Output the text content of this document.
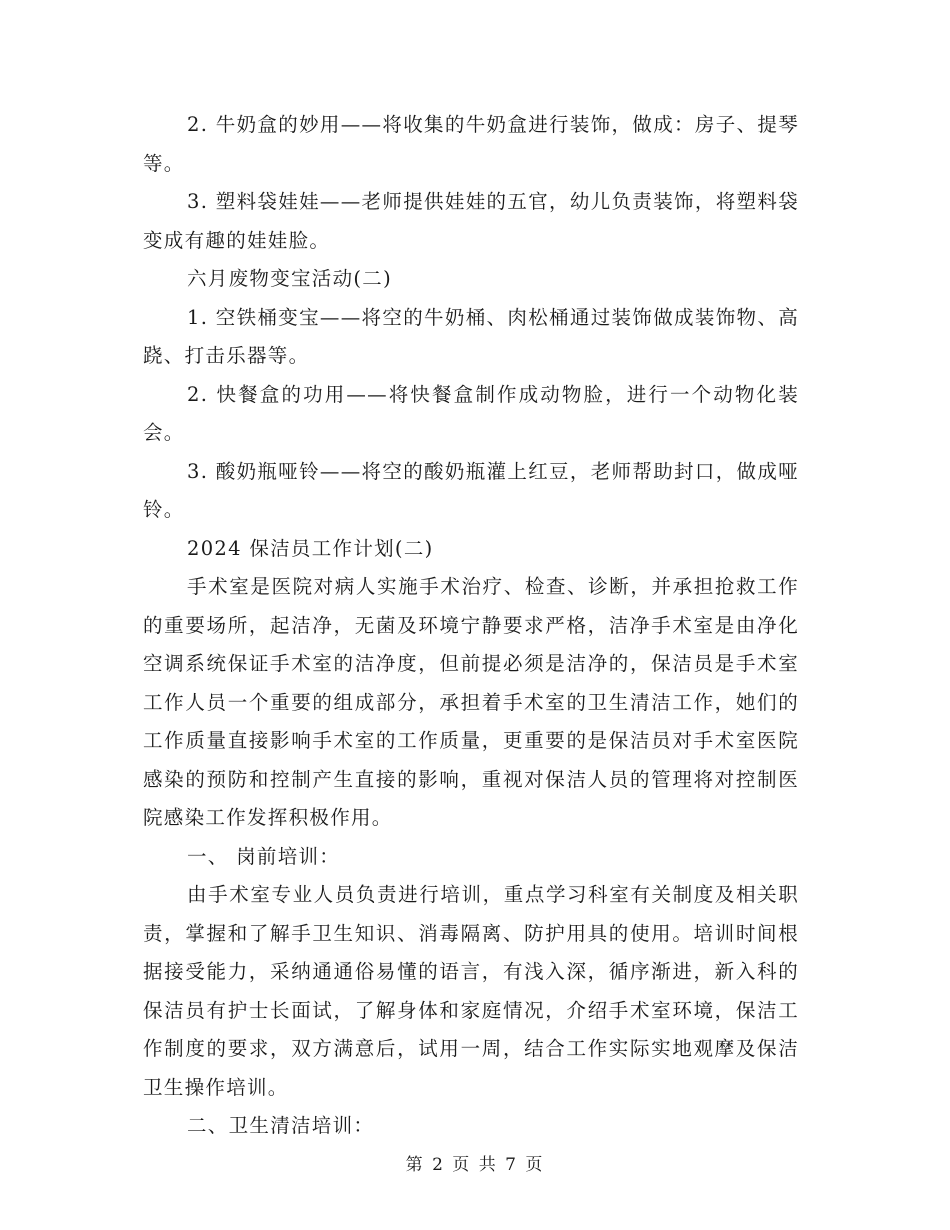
2. 牛奶盒的妙用——将收集的牛奶盒进行装饰，做成：房子、提琴等。

3. 塑料袋娃娃——老师提供娃娃的五官，幼儿负责装饰，将塑料袋变成有趣的娃娃脸。

六月废物变宝活动(二)

1. 空铁桶变宝——将空的牛奶桶、肉松桶通过装饰做成装饰物、高跷、打击乐器等。

2. 快餐盒的功用——将快餐盒制作成动物脸，进行一个动物化装会。

3. 酸奶瓶哑铃——将空的酸奶瓶灌上红豆，老师帮助封口，做成哑铃。

2024 保洁员工作计划(二)

手术室是医院对病人实施手术治疗、检查、诊断，并承担抢救工作的重要场所，起洁净，无菌及环境宁静要求严格，洁净手术室是由净化空调系统保证手术室的洁净度，但前提必须是洁净的，保洁员是手术室工作人员一个重要的组成部分，承担着手术室的卫生清洁工作，她们的工作质量直接影响手术室的工作质量，更重要的是保洁员对手术室医院感染的预防和控制产生直接的影响，重视对保洁人员的管理将对控制医院感染工作发挥积极作用。

一、 岗前培训：

由手术室专业人员负责进行培训，重点学习科室有关制度及相关职责，掌握和了解手卫生知识、消毒隔离、防护用具的使用。培训时间根据接受能力，采纳通通俗易懂的语言，有浅入深，循序渐进，新入科的保洁员有护士长面试，了解身体和家庭情况，介绍手术室环境，保洁工作制度的要求，双方满意后，试用一周，结合工作实际实地观摩及保洁卫生操作培训。

二、卫生清洁培训：

第 2 页 共 7 页
